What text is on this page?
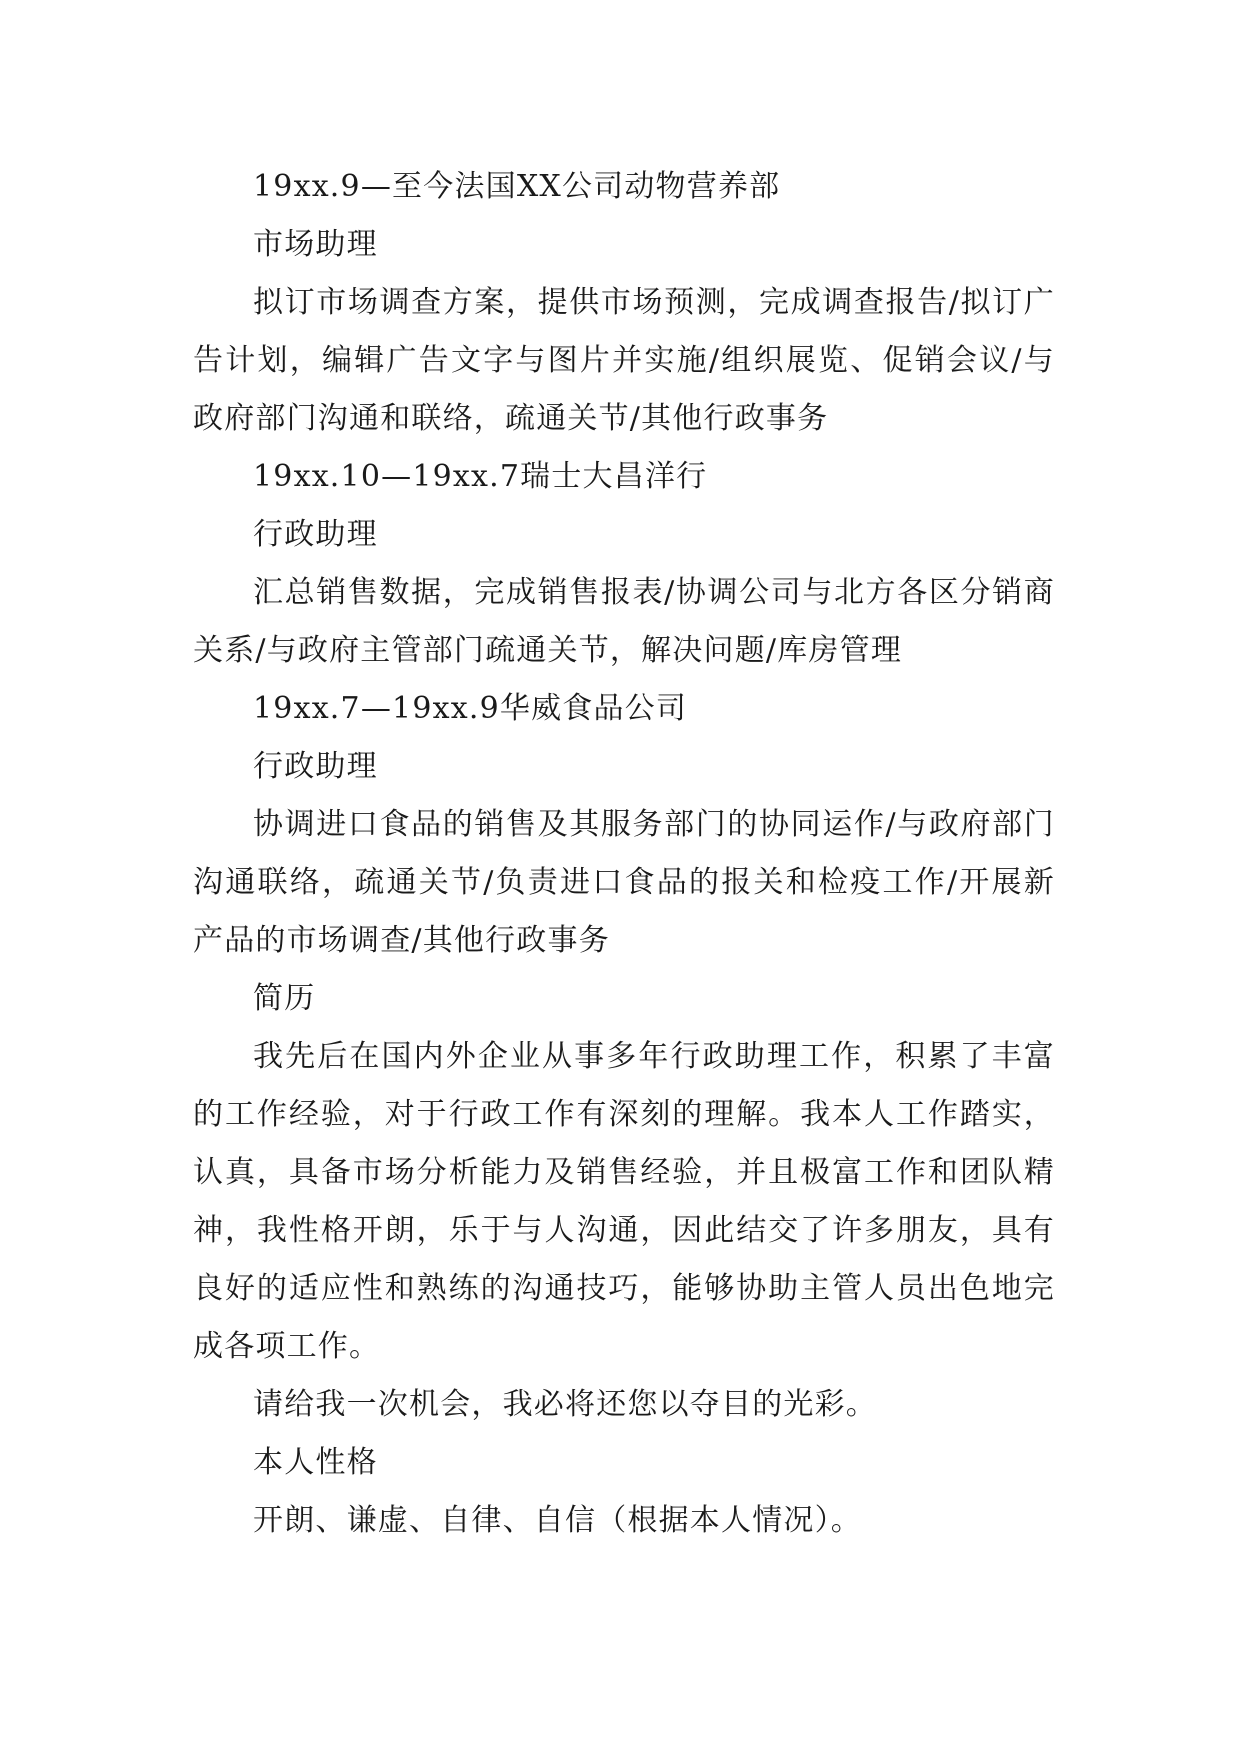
19xx.9—至今法国XX公司动物营养部

市场助理

拟订市场调查方案，提供市场预测，完成调查报告/拟订广告计划，编辑广告文字与图片并实施/组织展览、促销会议/与政府部门沟通和联络，疏通关节/其他行政事务

19xx.10—19xx.7瑞士大昌洋行

行政助理

汇总销售数据，完成销售报表/协调公司与北方各区分销商关系/与政府主管部门疏通关节，解决问题/库房管理

19xx.7—19xx.9华威食品公司

行政助理

协调进口食品的销售及其服务部门的协同运作/与政府部门沟通联络，疏通关节/负责进口食品的报关和检疫工作/开展新产品的市场调查/其他行政事务

简历

我先后在国内外企业从事多年行政助理工作，积累了丰富的工作经验，对于行政工作有深刻的理解。我本人工作踏实，认真，具备市场分析能力及销售经验，并且极富工作和团队精神，我性格开朗，乐于与人沟通，因此结交了许多朋友，具有良好的适应性和熟练的沟通技巧，能够协助主管人员出色地完成各项工作。

请给我一次机会，我必将还您以夺目的光彩。

本人性格

开朗、谦虚、自律、自信（根据本人情况）。
